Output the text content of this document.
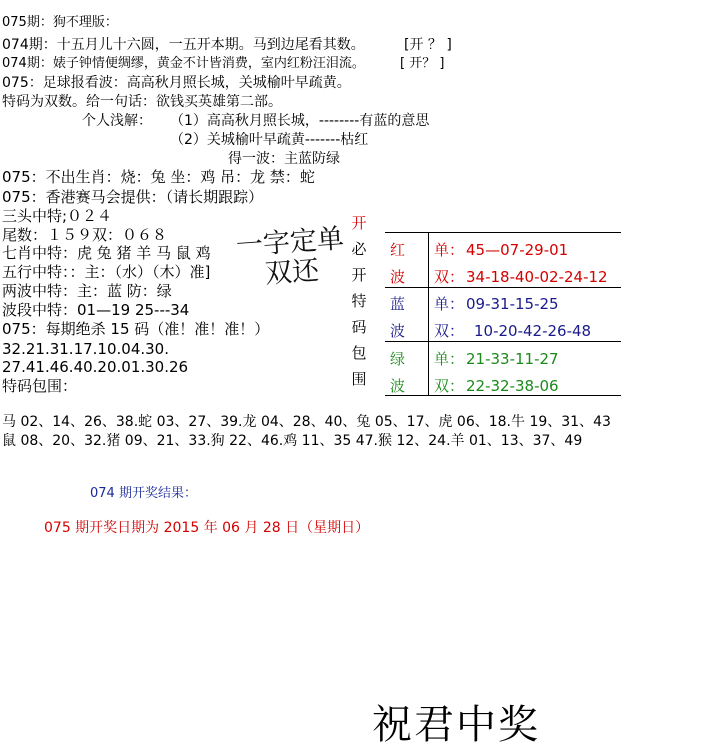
075期：狗不理版：
074期：十五月儿十六圆，一五开本期。马到边尾看其数。	[开 ？ ]
074期：婊子钟情便绸缪，黄金不计皆消费，室内红粉汪泪流。	[ 开？ ]
075：足球报看波：高高秋月照长城，关城榆叶早疏黄。
特码为双数。给一句话：欲钱买英雄第二部。
个人浅解： （1）高高秋月照长城，--------有蓝的意思
（2）关城榆叶早疏黄-------枯红
得一波：主蓝防绿
075：不出生肖：烧：兔 坐：鸡 吊：龙 禁：蛇
075：香港赛马会提供：（请长期跟踪）
三头中特;０２４
尾数：１５９双：０６８
七肖中特：虎 兔 猪 羊 马 鼠 鸡
五行中特：：主：（水）（木）准]
两波中特：主：蓝 防：绿
波段中特：01—19 25---34
075：每期绝杀 15 码（准！准！准！）
32.21.31.17.10.04.30.
27.41.46.40.20.01.30.26
特码包围：
一字定单双还
开
必
开
特
码
包
围
红 单： 45—07-29-01
波 双： 34-18-40-02-24-12
蓝 单： 09-31-15-25
波 双： 10-20-42-26-48
绿 单： 21-33-11-27
波 双： 22-32-38-06
马 02、14、26、38.蛇 03、27、39.龙 04、28、40、兔 05、17、虎 06、18.牛 19、31、43
鼠 08、20、32.猪 09、21、33.狗 22、46.鸡 11、35 47.猴 12、24.羊 01、13、37、49
074 期开奖结果：
075 期开奖日期为 2015 年 06 月 28 日（星期日）
祝君中奖
